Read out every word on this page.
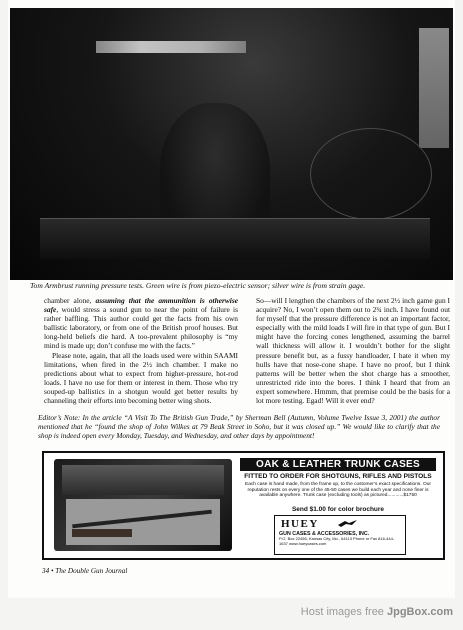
Tom Armbrust running pressure tests. Green wire is from piezo-electric sensor; silver wire is from strain gage.

chamber alone, assuming that the ammunition is otherwise safe, would stress a sound gun to near the point of failure is rather baffling. This author could get the facts from his own ballistic laboratory, or from one of the British proof houses. But long-held beliefs die hard. A too-prevalent philosophy is “my mind is made up; don’t confuse me with the facts.”

Please note, again, that all the loads used were within SAAMI limitations, when fired in the 2½ inch chamber. I make no predictions about what to expect from higher-pressure, hot-rod loads. I have no use for them or interest in them. Those who try souped-up ballistics in a shotgun would get better results by channeling their efforts into becoming better wing shots.

So—will I lengthen the chambers of the next 2½ inch game gun I acquire? No, I won’t open them out to 2¾ inch. I have found out for myself that the pressure difference is not an important factor, especially with the mild loads I will fire in that type of gun. But I might have the forcing cones lengthened, assuming the barrel wall thickness will allow it. I wouldn’t bother for the slight pressure benefit but, as a fussy handloader, I hate it when my hulls have that nose-cone shape. I have no proof, but I think patterns will be better when the shot charge has a smoother, unrestricted ride into the bores. I think I heard that from an expert somewhere. Hmmm, that premise could be the basis for a lot more testing. Egad! Will it ever end?

Editor’s Note: In the article “A Visit To The British Gun Trade,” by Sherman Bell (Autumn, Volume Twelve Issue 3, 2001) the author mentioned that he “found the shop of John Wilkes at 79 Beak Street in Soho, but it was closed up.” We would like to clarify that the shop is indeed open every Monday, Tuesday, and Wednesday, and other days by appointment!
OAK & LEATHER TRUNK CASES
FITTED TO ORDER FOR SHOTGUNS, RIFLES AND PISTOLS
Each case is hand made, from the frame up, to the customer’s exact specifications. Our reputation rests on every one of the 45-50 cases we build each year and none finer is available anywhere. Trunk case (excluding tools) as pictured............$1750
Send $1.00 for color brochure
HUEY
GUN CASES & ACCESSORIES, INC.
P.O. Box 22456, Kansas City, Mo., 64113 Phone or Fax 816-444-1637 www.hueycases.com
34 • The Double Gun Journal
Host images free JpgBox.com
